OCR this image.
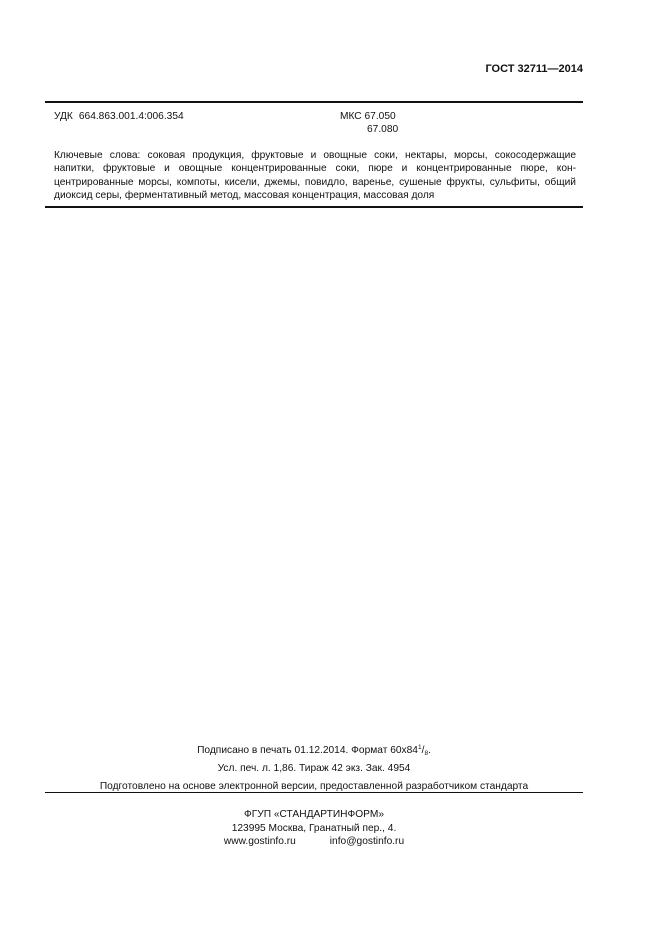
ГОСТ 32711—2014
УДК 664.863.001.4:006.354	МКС 67.050
67.080
Ключевые слова: соковая продукция, фруктовые и овощные соки, нектары, морсы, сокосодержащие напитки, фруктовые и овощные концентрированные соки, пюре и концентрированные пюре, кон-центрированные морсы, компоты, кисели, джемы, повидло, варенье, сушеные фрукты, сульфиты, общий диоксид серы, ферментативный метод, массовая концентрация, массовая доля
Подписано в печать 01.12.2014. Формат $60x84^1/_8$.
Усл. печ. л. 1,86. Тираж 42 экз. Зак. 4954
Подготовлено на основе электронной версии, предоставленной разработчиком стандарта
ФГУП «СТАНДАРТИНФОРМ»
123995 Москва, Гранатный пер., 4.
www.gostinfo.ru	info@gostinfo.ru
